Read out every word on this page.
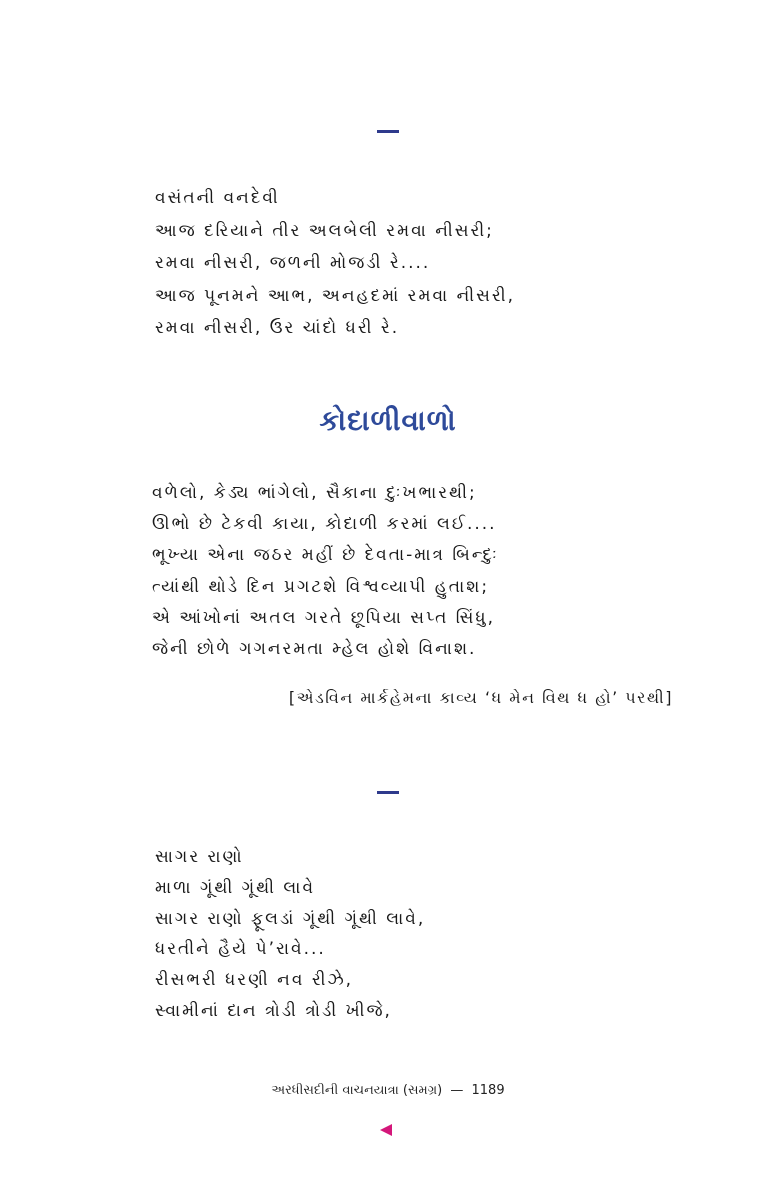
વસંતની વનદેવી
આજ દરિયાને તીર અલબેલી રમવા નીસરી;
રમવા નીસરી, જળની મોજડી રે....
આજ પૂનમને આભ, અનહદમાં રમવા નીસરી,
રમવા નીસરી, ઉર ચાંદો ધરી રે.
કોદાળીવાળો
વળેલો, કેડ્ય ભાંગેલો, સૈકાના દુઃખભારથી;
ઊભો છે ટેકવી કાયા, કોદાળી કરમાં લઈ....
ભૂખ્યા એના જઠર મહીં છે દેવતા-માત્ર બિન્દુઃ
ત્યાંથી થોડે દિન પ્રગટશે વિશ્વવ્યાપી હુતાશ;
એ આંખોનાં અતલ ગરતે છૂપિયા સપ્ત સિંધુ,
જેની છોળે ગગનરમતા મ્હેલ હોશે વિનાશ.
[એડવિન માર્કહેમના કાવ્ય ‘ધ મેન વિથ ધ હો’ પરથી]
સાગર રાણો
માળા ગૂંથી ગૂંથી લાવે
સાગર રાણો ફૂલડાં ગૂંથી ગૂંથી લાવે,
ધરતીને હૈયે પે’રાવે...
રીસભરી ધરણી નવ રીઝે,
સ્વામીનાં દાન ત્રોડી ત્રોડી ખીજે,
અરધીસદીની વાચનયાત્રા (સમગ્ર) — 1189
